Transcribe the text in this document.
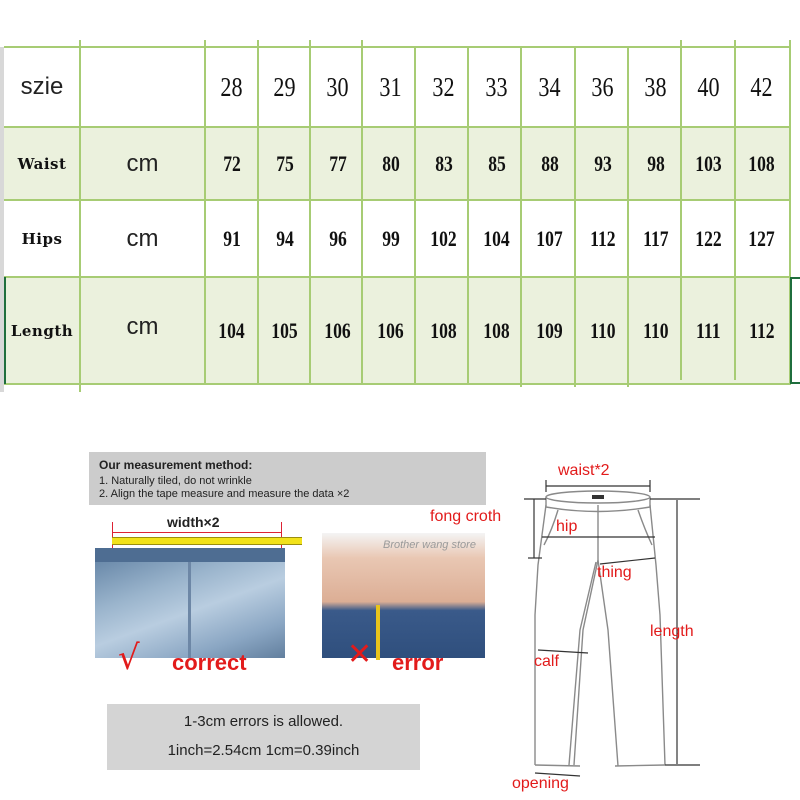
szie	28 29 30 31 32 33 34 36 38 40 42
Waist	cm	72 75 77 80 83 85 88 93 98 103 108
Hips	cm	91 94 96 99 102 104 107 112 117 122 127
Length cm	104 105 106 106 108 108 109 110 110 111 112
Our measurement method:
1. Naturally tiled, do not wrinkle
2. Align the tape measure and measure the data ×2
width×2
√ correct
Brother wang store
✕ error
1-3cm errors is allowed.
1inch=2.54cm 1cm=0.39inch
waist*2
fong croth
hip
thing
length
calf
opening
